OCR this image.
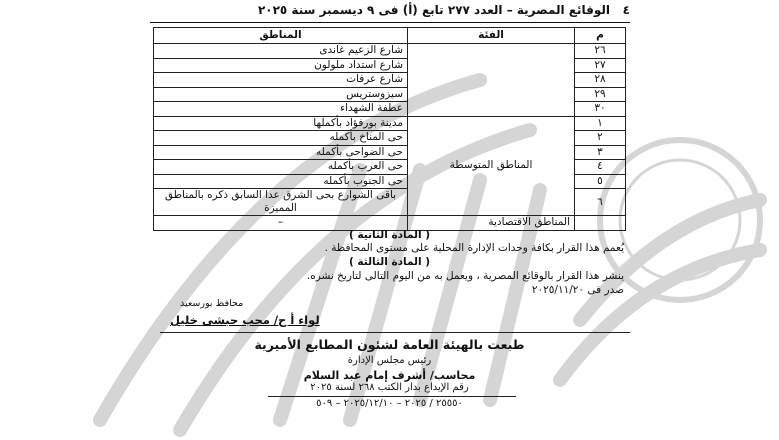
٤
الوقائع المصرية – العدد ٢٧٧ تابع (أ) فى ٩ ديسمبر سنة ٢٠٢٥
م	الفئة	المناطق
٢٦		شارع الزعيم غاندى
٢٧		شارع استداد ملولون
٢٨		شارع عرفات
٢٩		سيزوستريس
٣٠		عطفة الشهداء
١	المناطق المتوسطة	مدينة بورفؤاد بأكملها
٢		حى المناخ بأكمله
٣		حى الضواحى بأكمله
٤		حى العرب بأكمله
٥		حى الجنوب بأكمله
٦		باقى الشوارع بحى الشرق عدا السابق ذكره بالمناطق المميزة
	المناطق الاقتصادية	–
( المادة الثانية )
يُعمم هذا القرار بكافة وحدات الإدارة المحلية على مستوى المحافظة .
( المادة الثالثة )
ينشر هذا القرار بالوقائع المصرية ، ويعمل به من اليوم التالى لتاريخ نشره.
صدر فى ٢٠٢٥/١١/٢٠
محافظ بورسعيد
لواء أ ح/ محب حبشى خليل
طبعت بالهيئة العامة لشئون المطابع الأميرية
رئيس مجلس الإدارة
محاسب/ أشرف إمام عبد السلام
رقم الإيداع بدار الكتب ٢٦٨ لسنة ٢٠٢٥
٢٥٥٥٠ / ٢٠٢٥ – ٢٠٢٥/١٢/١٠ – ٥٠٩
